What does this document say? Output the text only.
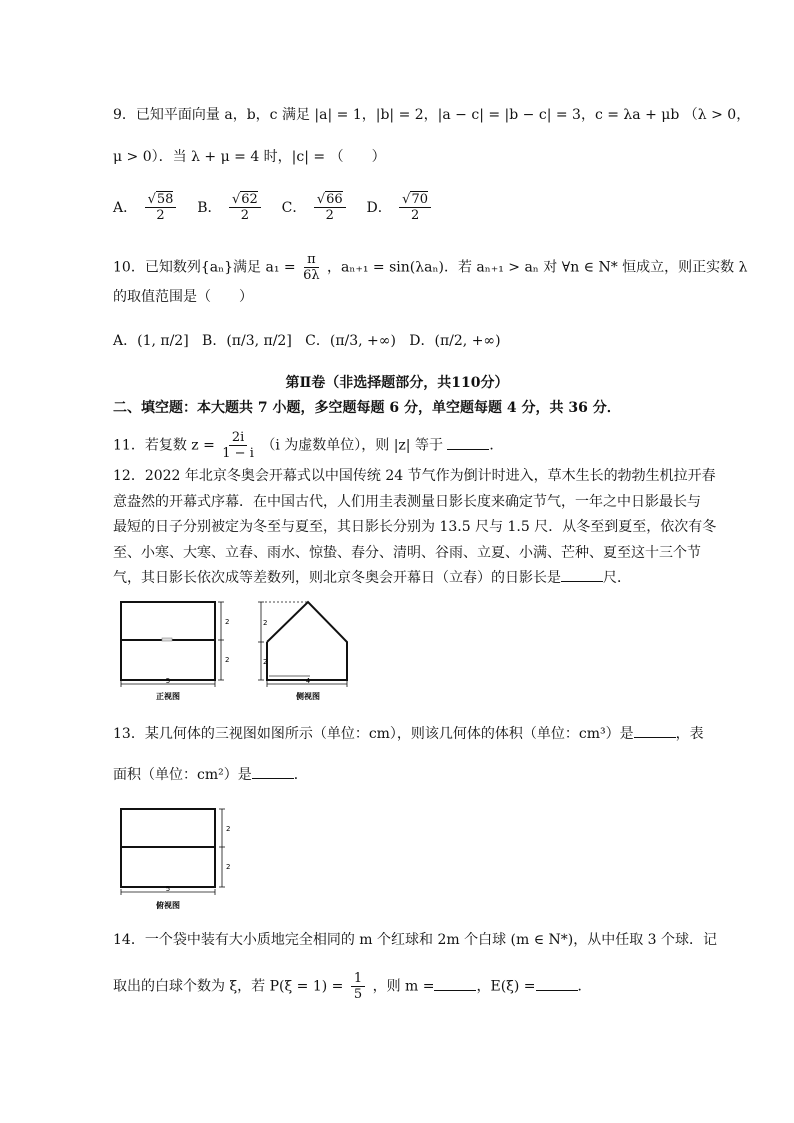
9．已知平面向量 a，b，c 满足 |a| = 1，|b| = 2，|a − c| = |b − c| = 3，c = λa + μb （λ > 0，
μ > 0）．当 λ + μ = 4 时，|c| = （　　）
A． $\frac{√58}{2}$ B． $\frac{√62}{2}$ C． $\frac{√66}{2}$ D． $\frac{√70}{2}$
10．已知数列{aₙ}满足 $a_1 = \frac{\pi}{6\lambda}$ ，aₙ₊₁ = sin(λaₙ)．若 aₙ₊₁ > aₙ 对 ∀n ∈ N* 恒成立，则正实数 λ
的取值范围是（　　）
A．(1, π/2] B．(π/3, π/2] C．(π/3, +∞) D．(π/2, +∞)
第Ⅱ卷（非选择题部分，共110分）
二、填空题：本大题共 7 小题，多空题每题 6 分，单空题每题 4 分，共 36 分．
11．若复数 $z = \frac{2i}{1 - i} (i$ 为虚数单位），则 |z| 等于	．
12．2022 年北京冬奥会开幕式以中国传统 24 节气作为倒计时进入，草木生长的勃勃生机拉开春
意盎然的开幕式序幕．在中国古代，人们用圭表测量日影长度来确定节气，一年之中日影最长与
最短的日子分别被定为冬至与夏至，其日影长分别为 13.5 尺与 1.5 尺．从冬至到夏至，依次有冬
至、小寒、大寒、立春、雨水、惊蛰、春分、清明、谷雨、立夏、小满、芒种、夏至这十三个节
气，其日影长依次成等差数列，则北京冬奥会开幕日（立春）的日影长是	尺．
5
正视图
2
2
2
2
4
侧视图
13．某几何体的三视图如图所示（单位：cm），则该几何体的体积（单位：cm³）是	，表
面积（单位：cm²）是	．
2
2
5
俯视图
14．一个袋中装有大小质地完全相同的 m 个红球和 2m 个白球 (m ∈ N*)，从中任取 3 个球．记
取出的白球个数为 ξ，若 $P(\xi = 1) = \frac{1}{5}$ ，则 m =	，E(ξ) =	．
